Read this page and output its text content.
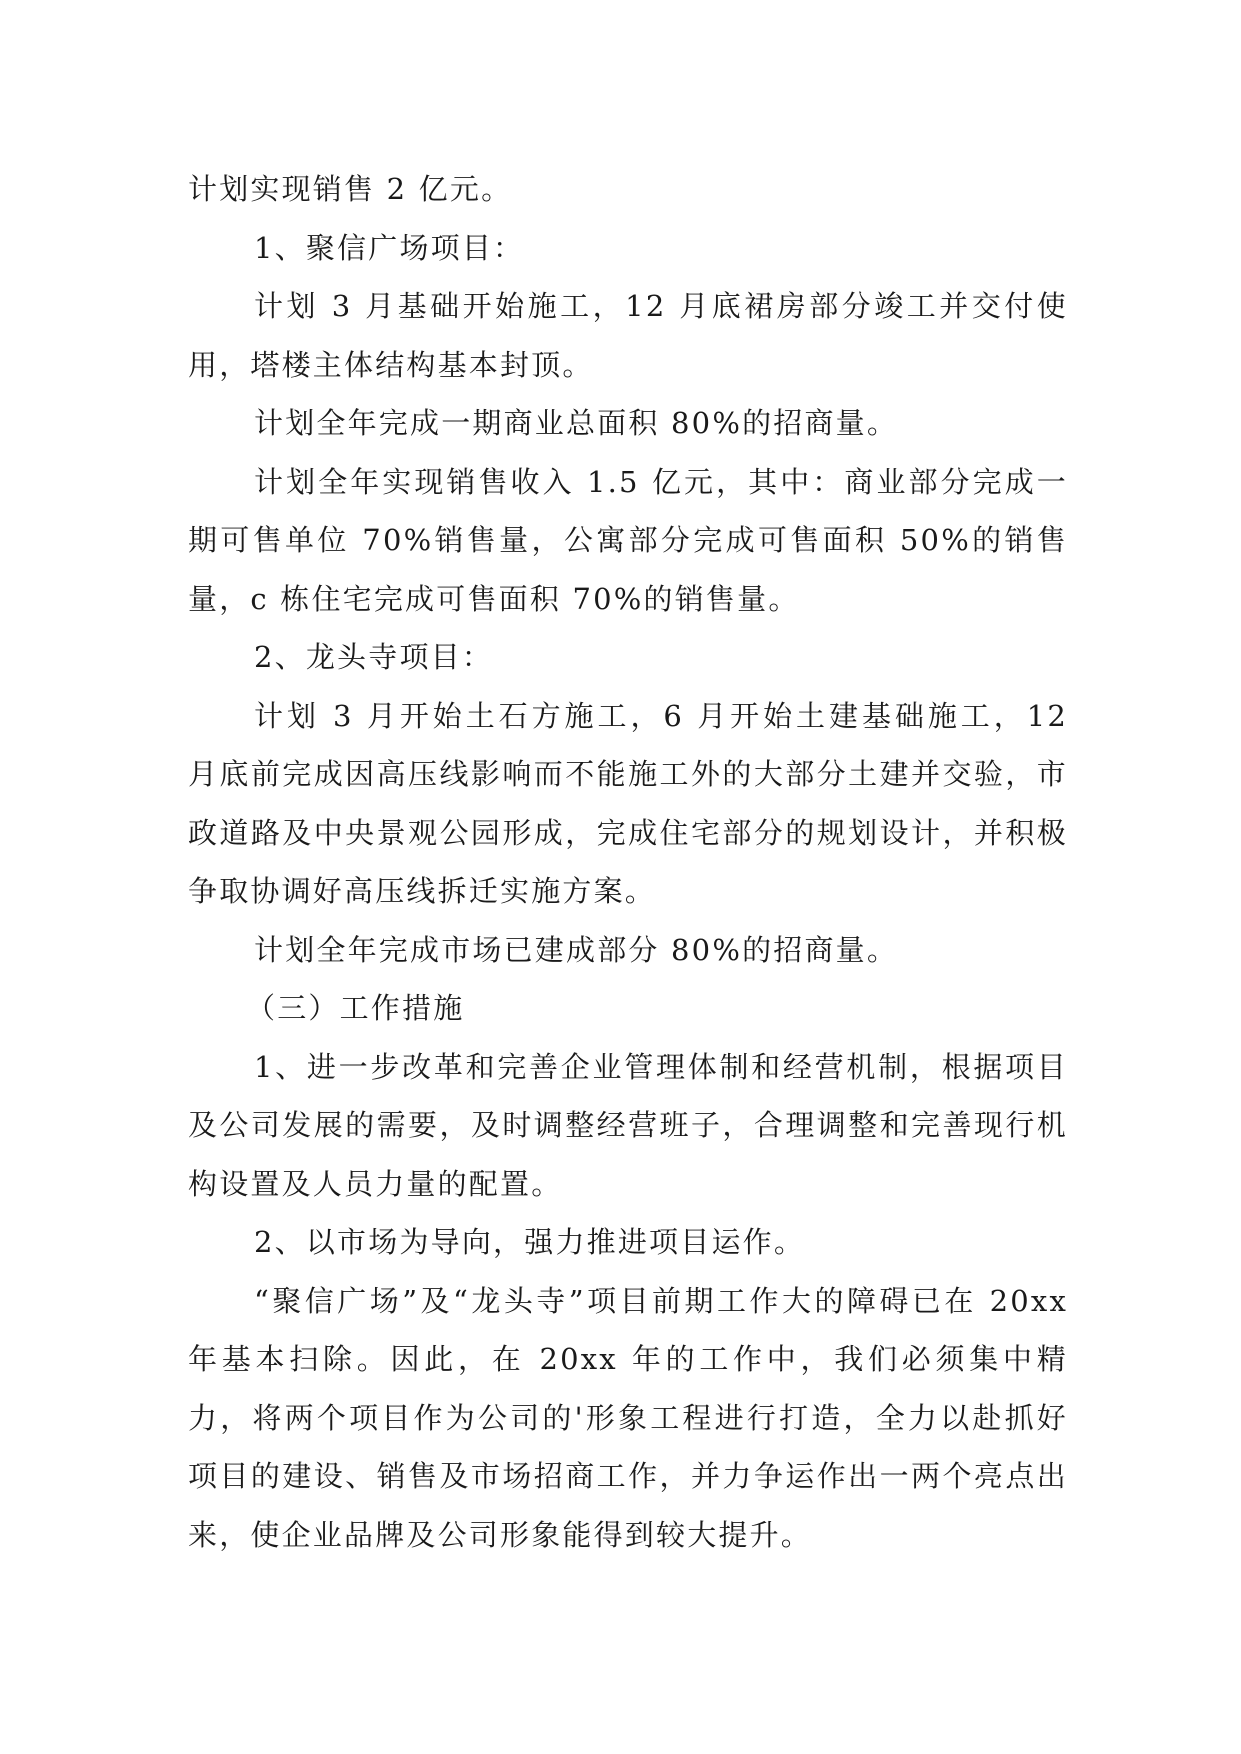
计划实现销售 2 亿元。

1、聚信广场项目：

计划 3 月基础开始施工，12 月底裙房部分竣工并交付使用，塔楼主体结构基本封顶。

计划全年完成一期商业总面积 80%的招商量。

计划全年实现销售收入 1.5 亿元，其中：商业部分完成一期可售单位 70%销售量，公寓部分完成可售面积 50%的销售量，c 栋住宅完成可售面积 70%的销售量。

2、龙头寺项目：

计划 3 月开始土石方施工，6 月开始土建基础施工，12 月底前完成因高压线影响而不能施工外的大部分土建并交验，市政道路及中央景观公园形成，完成住宅部分的规划设计，并积极争取协调好高压线拆迁实施方案。

计划全年完成市场已建成部分 80%的招商量。

（三）工作措施

1、进一步改革和完善企业管理体制和经营机制，根据项目及公司发展的需要，及时调整经营班子，合理调整和完善现行机构设置及人员力量的配置。

2、以市场为导向，强力推进项目运作。

“聚信广场”及“龙头寺”项目前期工作大的障碍已在 20xx 年基本扫除。因此，在 20xx 年的工作中，我们必须集中精力，将两个项目作为公司的'形象工程进行打造，全力以赴抓好项目的建设、销售及市场招商工作，并力争运作出一两个亮点出来，使企业品牌及公司形象能得到较大提升。
